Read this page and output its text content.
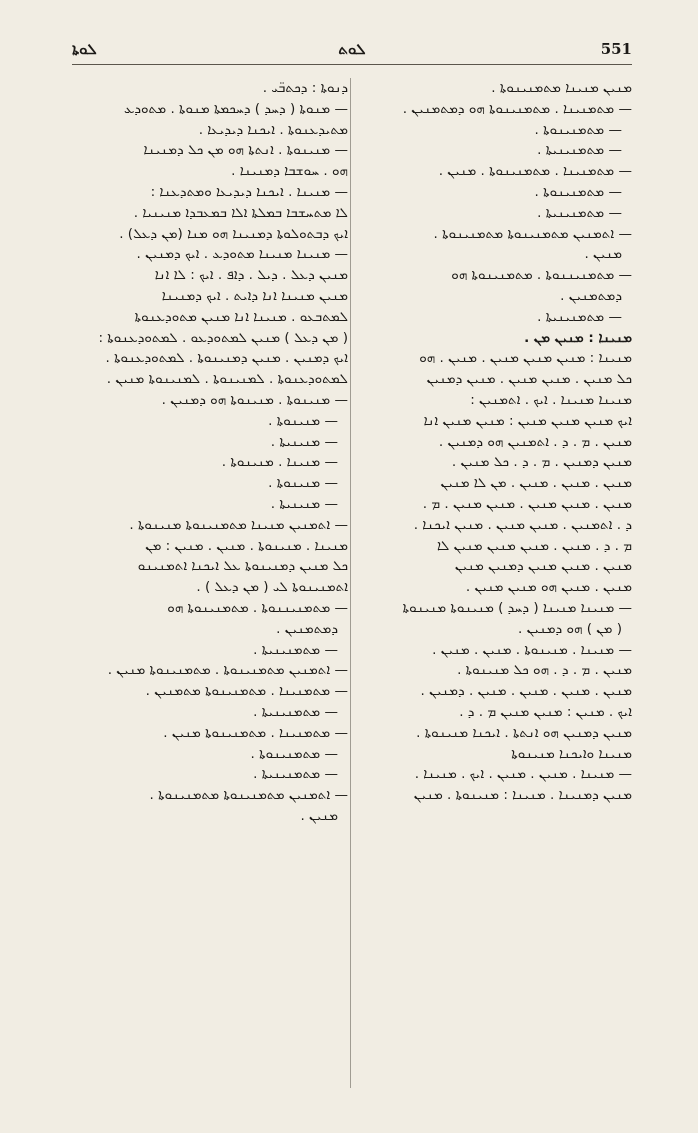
ܠܘܬܐ	ܠܘܬ	551
ܕܢܘܬܐ : ܕܟܬܒ̈ܝ .
— ܡܢܘܬܐ ( ܕܚܕ ) ܕܚܟܡܬܐ ܡܢܘܬܐ . ܡܬܘܕܥ
ܡܬܝܕܥܢܘܬܐ . ܐܝܟܢܐ ܕܝܕܝܥܐ .
— ܡܢܝܢܘܬܐ . ܐܢܬܬܐ ܗܘ ܡܢ ܟܠ ܕܡܢܝܢܐ
ܗܘ . ܚܘܫܒܐ ܕܡܢܝܢܐ .
— ܡܢܝܢܐ . ܐܝܟܢܐ ܕܝܕܝܥܐ ܘܡܬܕܥܢܐ :
ܠܐ ܡܬܚܫܒܐ ܒܡܠܬܐ ܐܠܐ ܒܡܥܒܕܐ ܡܢܝܢܝܐ .
ܐܝܟ ܕܒܬܘܠܘܬܐ ܕܡܢܝܢܐ ܗܘ ܡܢܐ (ܡܢ ܕܥܠ) .
— ܡܢܝܢܐ ܡܢܝܢܐ ܡܬܘܕܥ . ܐܝܟ ܕܡܢܝܢ .
ܡܢܝܢ ܕܥܠ . ܕܝܠ . ܕܐܦ . ܐܝܟ : ܠܐ ܐܢܐ
ܡܢܝܢ ܡܢܝܢܐ ܐܢܐ ܕܐܝܬ . ܐܝܟ ܕܡܢܝܢܐ
ܠܡܬܒܥܘ . ܡܢܝܢܐ ܐܢܐ ܡܢܝܢ ܡܬܘܕܥܢܘܬܐ
( ܡܢ ܕܥܠ ) ܡܢܝܢ ܠܡܬܘܕܥܘ . ܠܡܬܘܕܥܢܘܬܐ :
ܐܝܟ ܕܡܢܝܢ . ܡܢܝܢ ܕܡܢܝܢܘܬܐ . ܠܡܬܘܕܥܢܘܬܐ .
ܠܡܬܘܕܥܢܘܬܐ . ܠܡܢܝܢܘܬܐ . ܠܡܢܝܢܘܬܐ ܡܢܝܢ .
— ܡܢܝܢܘܬܐ . ܡܢܝܢܘܬܐ ܗܘ ܕܡܢܝܢ .
— ܡܢܝܢܘܬܐ .
— ܡܢܝܢܝܬܐ .
— ܡܢܝܢܐ . ܡܢܝܢܘܬܐ .
— ܡܢܝܢܘܬܐ .
— ܡܢܝܢܝܬܐ .
— ܐܬܡܢܝܢ ܡܢܝܢܐ ܡܬܡܢܝܢܘܬܐ ܡܢܝܢܘܬܐ .
ܡܢܝܢܐ . ܡܢܝܢܘܬܐ . ܡܢܝܢ . ܡܢܝܢ : ܡܢ
ܟܠ ܡܢܝܢ ܕܡܢܝܢܘܬܐ ܥܠ ܐܝܟܢܐ ܐܬܡܢܝܢܘ
ܐܬܡܢܝܢܘܬܐ ܠܝ ( ܡܢ ܕܥܠ ) .
— ܡܬܡܢܝܢܢܘܬܐ . ܡܬܡܢܝܢܘܬܐ ܗܘ
ܕܡܬܡܢܝܢ .
— ܡܬܡܢܝܢܝܬܐ .
— ܐܬܡܢܝܢ ܡܬܡܢܝܢܘܬܐ . ܡܬܡܢܝܢܘܬܐ ܡܢܝܢ .
— ܡܬܡܢܝܢܐ . ܡܬܡܢܝܢܘܬܐ ܡܬܡܢܝܢ .
— ܡܬܡܢܝܢܝܬܐ .
— ܡܬܡܢܝܢܐ . ܡܬܡܢܝܢܘܬܐ ܡܢܝܢ .
— ܡܬܡܢܝܢܘܬܐ .
— ܡܬܡܢܝܢܝܬܐ .
— ܐܬܡܢܝܢ ܡܬܡܢܝܢܘܬܐ ܡܬܡܢܝܢܘܬܐ .
ܡܢܝܢ .
ܡܢܝܢ ܡܢܝܢܐ ܡܬܡܢܝܢܘܬܐ .
— ܡܬܡܢܝܢܐ . ܡܬܡܢܝܢܘܬܐ ܗܘ ܕܡܬܡܢܝܢ .
— ܡܬܡܢܝܢܘܬܐ .
— ܡܬܡܢܝܢܝܬܐ .
— ܡܬܡܢܝܢܐ . ܡܬܡܢܝܢܘܬܐ . ܡܢܝܢ .
— ܡܬܡܢܝܢܘܬܐ .
— ܡܬܡܢܝܢܝܬܐ .
— ܐܬܡܢܝܢ ܡܬܡܢܝܢܘܬܐ ܡܬܡܢܝܢܘܬܐ .
ܡܢܝܢ .
— ܡܬܡܢܝܢܢܘܬܐ . ܡܬܡܢܝܢܘܬܐ ܗܘ
ܕܡܬܡܢܝܢ .
— ܡܬܡܢܝܢܝܬܐ .
ܡܢܝܢܐ : ܡܢܝܢ ܡܢ .
ܡܢܝܢܐ : ܡܢܝܢ ܡܢܝܢ ܡܢܝܢ . ܡܢܝܢ . ܗܘ
ܟܠ ܡܢܝܢ . ܡܢܝܢ ܡܢܝܢ . ܡܢܝܢ ܕܡܢܝܢ
ܡܢܝܢܐ ܡܢܝܢܐ . ܐܝܟ . ܐܬܡܢܝܢ :
ܐܝܟ ܡܢܝܢ ܡܢܝܢ ܡܢܝܢ : ܡܢܝܢ ܡܢܝܢ ܐܢܐ
ܡܢܝܢ . ܡ . ܕ . ܐܬܡܢܝܢ ܗܘ ܕܡܢܝܢ .
ܡܢܝܢ ܕܡܢܝܢ . ܡ . ܕ . ܟܠ ܡܢܝܢ .
ܡܢܝܢ . ܡܢܝܢ . ܡܢܝܢ . ܡܢ ܠܐ ܡܢܝܢ
ܡܢܝܢ . ܡܢܝܢ ܡܢܝܢ . ܡܢܝܢ ܡܢܝܢ . ܡ .
ܕ . ܐܬܡܢܝܢ . ܡܢܝܢ ܡܢܝܢ . ܡܢܝܢ ܐܝܟܢܐ .
ܡ . ܕ . ܡܢܝܢ . ܡܢܝܢ ܡܢܝܢ ܡܢܝܢ ܠܐ
ܡܢܝܢ . ܡܢܝܢ ܡܢܝܢ ܕܡܢܝܢ ܡܢܝܢ
ܡܢܝܢ . ܡܢܝܢ ܗܘ ܡܢܝܢ ܡܢܝܢ .
— ܡܢܝܢܐ ܡܢܝܢܐ ( ܕܚܕ ) ܡܢܝܢܘܬܐ ܡܢܝܢܘܬܐ
( ܡܢ ) ܗܘ ܕܡܢܝܢ .
— ܡܢܝܢܐ . ܡܢܝܢܘܬܐ . ܡܢܝܢ . ܡܢܝܢ .
ܡܢܝܢ . ܡ . ܕ . ܗܘ ܟܠ ܡܢܝܢܘܬܐ .
ܡܢܝܢ . ܡܢܝܢ . ܡܢܝܢ . ܡܢܝܢ . ܕܡܢܝܢ .
ܐܝܟ . ܡܢܝܢ : ܡܢܝܢ ܡܢܝܢ ܡ . ܕ .
ܡܢܝܢ ܕܡܢܝܢ ܗܘ ܐܢܬܬܐ . ܐܝܟܢܐ ܡܢܝܢܘܬܐ .
ܡܢܝܢܐ ܘܐܝܟܢܐ ܡܢܝܢܘܬܐ
— ܡܢܝܢܐ . ܡܢܝܢ . ܡܢܝܢ . ܐܝܟ . ܡܢܝܢܐ .
ܡܢܝܢ ܕܡܢܝܢܐ . ܡܢܝܢܐ : ܡܢܝܢܘܬܐ . ܡܢܝܢ
